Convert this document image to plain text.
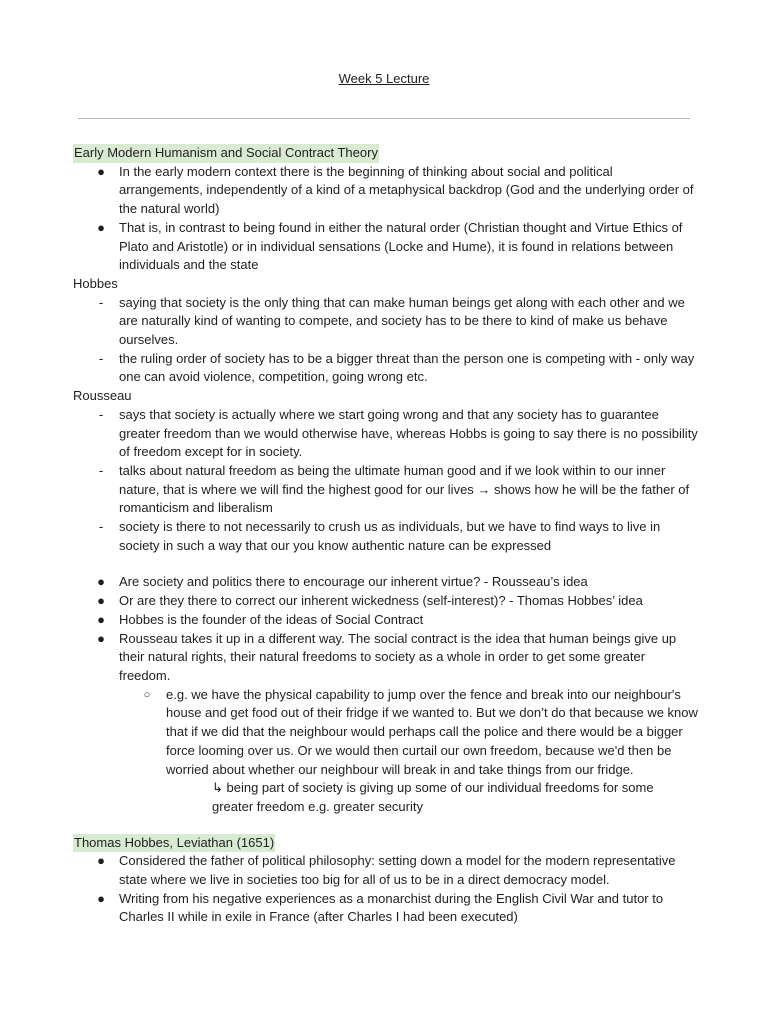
Week 5 Lecture
Early Modern Humanism and Social Contract Theory
● In the early modern context there is the beginning of thinking about social and political arrangements, independently of a kind of a metaphysical backdrop (God and the underlying order of the natural world)
● That is, in contrast to being found in either the natural order (Christian thought and Virtue Ethics of Plato and Aristotle) or in individual sensations (Locke and Hume), it is found in relations between individuals and the state
Hobbes
-	saying that society is the only thing that can make human beings get along with each other and we are naturally kind of wanting to compete, and society has to be there to kind of make us behave ourselves.
-	the ruling order of society has to be a bigger threat than the person one is competing with - only way one can avoid violence, competition, going wrong etc.
Rousseau
-	says that society is actually where we start going wrong and that any society has to guarantee greater freedom than we would otherwise have, whereas Hobbs is going to say there is no possibility of freedom except for in society.
-	talks about natural freedom as being the ultimate human good and if we look within to our inner nature, that is where we will find the highest good for our lives → shows how he will be the father of romanticism and liberalism
-	society is there to not necessarily to crush us as individuals, but we have to find ways to live in society in such a way that our you know authentic nature can be expressed
● Are society and politics there to encourage our inherent virtue? - Rousseau’s idea
● Or are they there to correct our inherent wickedness (self-interest)? - Thomas Hobbes’ idea
● Hobbes is the founder of the ideas of Social Contract
● Rousseau takes it up in a different way. The social contract is the idea that human beings give up their natural rights, their natural freedoms to society as a whole in order to get some greater freedom.
○ e.g. we have the physical capability to jump over the fence and break into our neighbour's house and get food out of their fridge if we wanted to. But we don’t do that because we know that if we did that the neighbour would perhaps call the police and there would be a bigger force looming over us. Or we would then curtail our own freedom, because we'd then be worried about whether our neighbour will break in and take things from our fridge.
↳ being part of society is giving up some of our individual freedoms for some greater freedom e.g. greater security
Thomas Hobbes, Leviathan (1651)
● Considered the father of political philosophy: setting down a model for the modern representative state where we live in societies too big for all of us to be in a direct democracy model.
● Writing from his negative experiences as a monarchist during the English Civil War and tutor to Charles II while in exile in France (after Charles I had been executed)
